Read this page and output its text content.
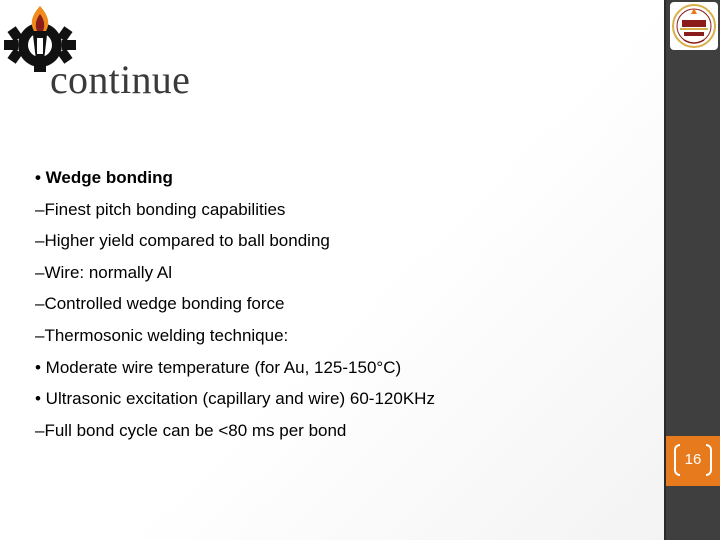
continue
• Wedge bonding
–Finest pitch bonding capabilities
–Higher yield compared to ball bonding
–Wire: normally Al
–Controlled wedge bonding force
–Thermosonic welding technique:
• Moderate wire temperature (for Au, 125-150°C)
• Ultrasonic excitation (capillary and wire) 60-120KHz
–Full bond cycle can be <80 ms per bond
16
